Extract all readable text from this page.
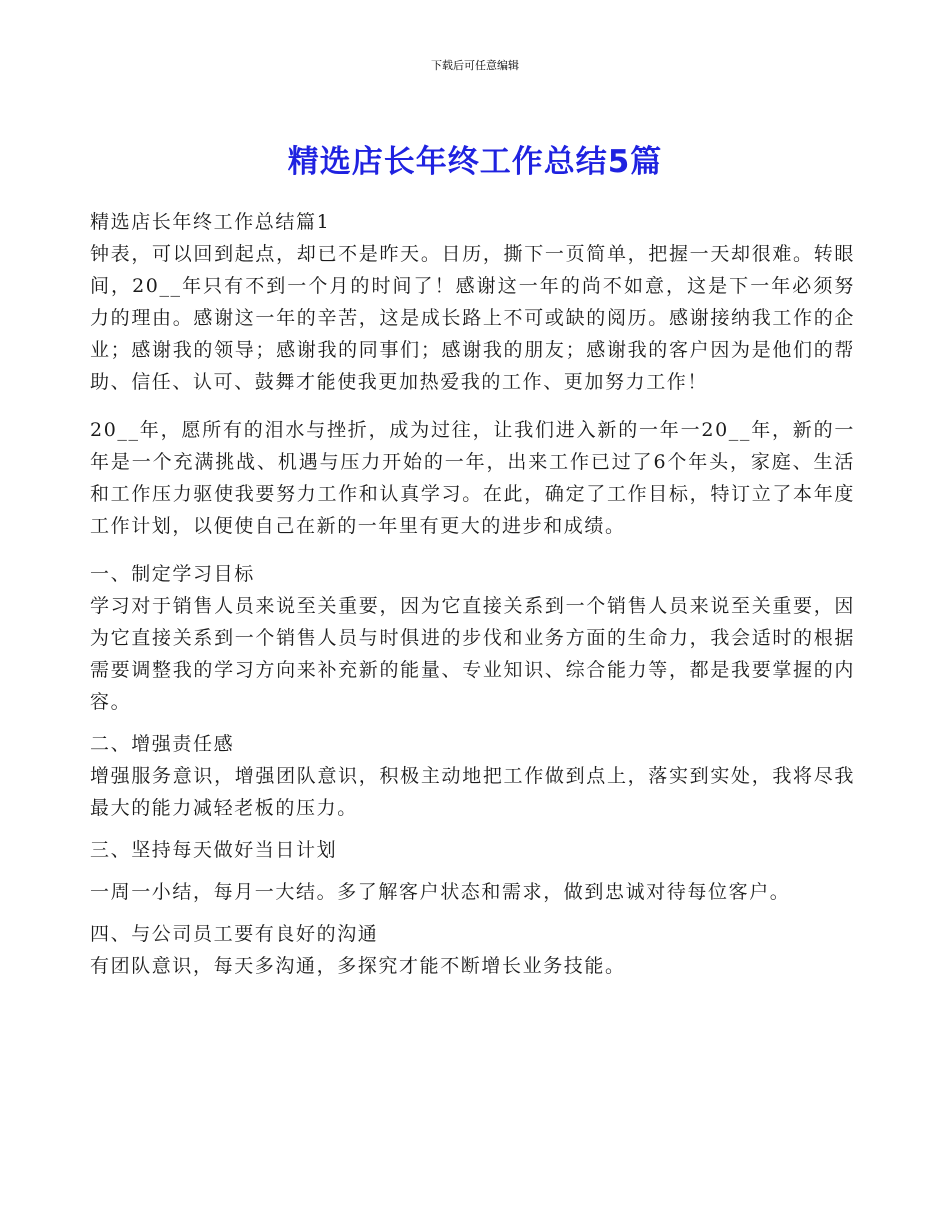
下载后可任意编辑
精选店长年终工作总结5篇

精选店长年终工作总结篇1

钟表，可以回到起点，却已不是昨天。日历，撕下一页简单，把握一天却很难。转眼间，20__年只有不到一个月的时间了！感谢这一年的尚不如意，这是下一年必须努力的理由。感谢这一年的辛苦，这是成长路上不可或缺的阅历。感谢接纳我工作的企业；感谢我的领导；感谢我的同事们；感谢我的朋友；感谢我的客户因为是他们的帮助、信任、认可、鼓舞才能使我更加热爱我的工作、更加努力工作！

20__年，愿所有的泪水与挫折，成为过往，让我们进入新的一年一20__年，新的一年是一个充满挑战、机遇与压力开始的一年，出来工作已过了6个年头，家庭、生活和工作压力驱使我要努力工作和认真学习。在此，确定了工作目标，特订立了本年度工作计划，以便使自己在新的一年里有更大的进步和成绩。

一、制定学习目标

学习对于销售人员来说至关重要，因为它直接关系到一个销售人员来说至关重要，因为它直接关系到一个销售人员与时俱进的步伐和业务方面的生命力，我会适时的根据需要调整我的学习方向来补充新的能量、专业知识、综合能力等，都是我要掌握的内容。

二、增强责任感

增强服务意识，增强团队意识，积极主动地把工作做到点上，落实到实处，我将尽我最大的能力减轻老板的压力。

三、坚持每天做好当日计划

一周一小结，每月一大结。多了解客户状态和需求，做到忠诚对待每位客户。

四、与公司员工要有良好的沟通

有团队意识，每天多沟通，多探究才能不断增长业务技能。
